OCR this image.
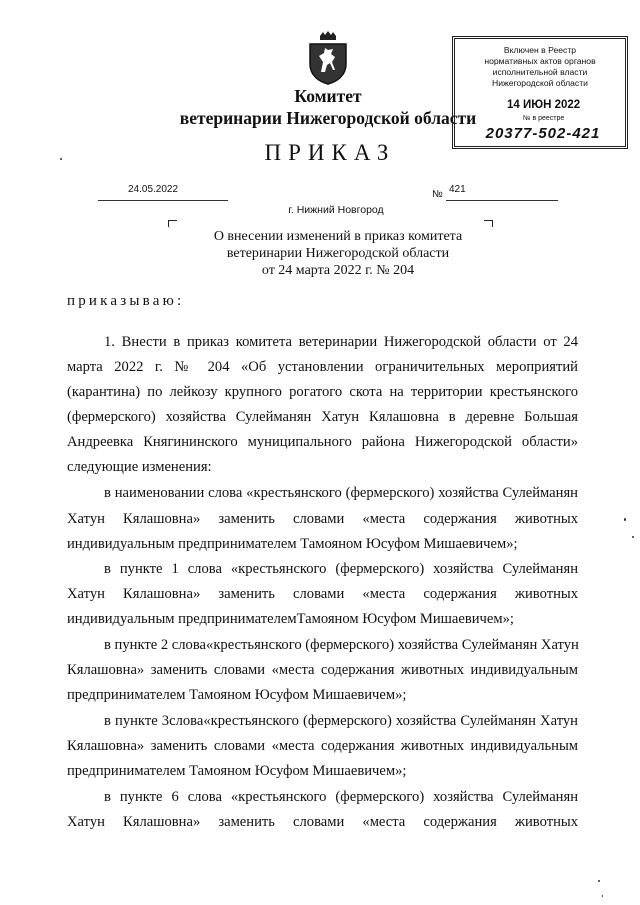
Комитет
ветеринарии Нижегородской области
ПРИКАЗ
Включен в Реестр
нормативных актов органов
исполнительной власти
Нижегородской области
14 ИЮН 2022
№ в реестре
20377-502-421
24.05.2022	№ 421
г. Нижний Новгород
О внесении изменений в приказ комитета
ветеринарии Нижегородской области
от 24 марта 2022 г. № 204
приказываю:
1. Внести в приказ комитета ветеринарии Нижегородской области от 24
марта 2022 г. № 204 «Об установлении ограничительных мероприятий
(карантина) по лейкозу крупного рогатого скота на территории крестьянского
(фермерского) хозяйства Сулейманян Хатун Кялашовна в деревне Большая
Андреевка Княгининского муниципального района Нижегородской области»
следующие изменения:
в наименовании слова «крестьянского (фермерского) хозяйства Сулейманян
Хатун Кялашовна» заменить словами «места содержания животных
индивидуальным предпринимателем Тамояном Юсуфом Мишаевичем»;
в пункте 1 слова «крестьянского (фермерского) хозяйства Сулейманян
Хатун Кялашовна» заменить словами «места содержания животных
индивидуальным предпринимателемТамояном Юсуфом Мишаевичем»;
в пункте 2 слова«крестьянского (фермерского) хозяйства Сулейманян Хатун
Кялашовна» заменить словами «места содержания животных индивидуальным
предпринимателем Тамояном Юсуфом Мишаевичем»;
в пункте 3слова«крестьянского (фермерского) хозяйства Сулейманян Хатун
Кялашовна» заменить словами «места содержания животных индивидуальным
предпринимателем Тамояном Юсуфом Мишаевичем»;
в пункте 6 слова «крестьянского (фермерского) хозяйства Сулейманян
Хатун Кялашовна» заменить словами «места содержания животных
